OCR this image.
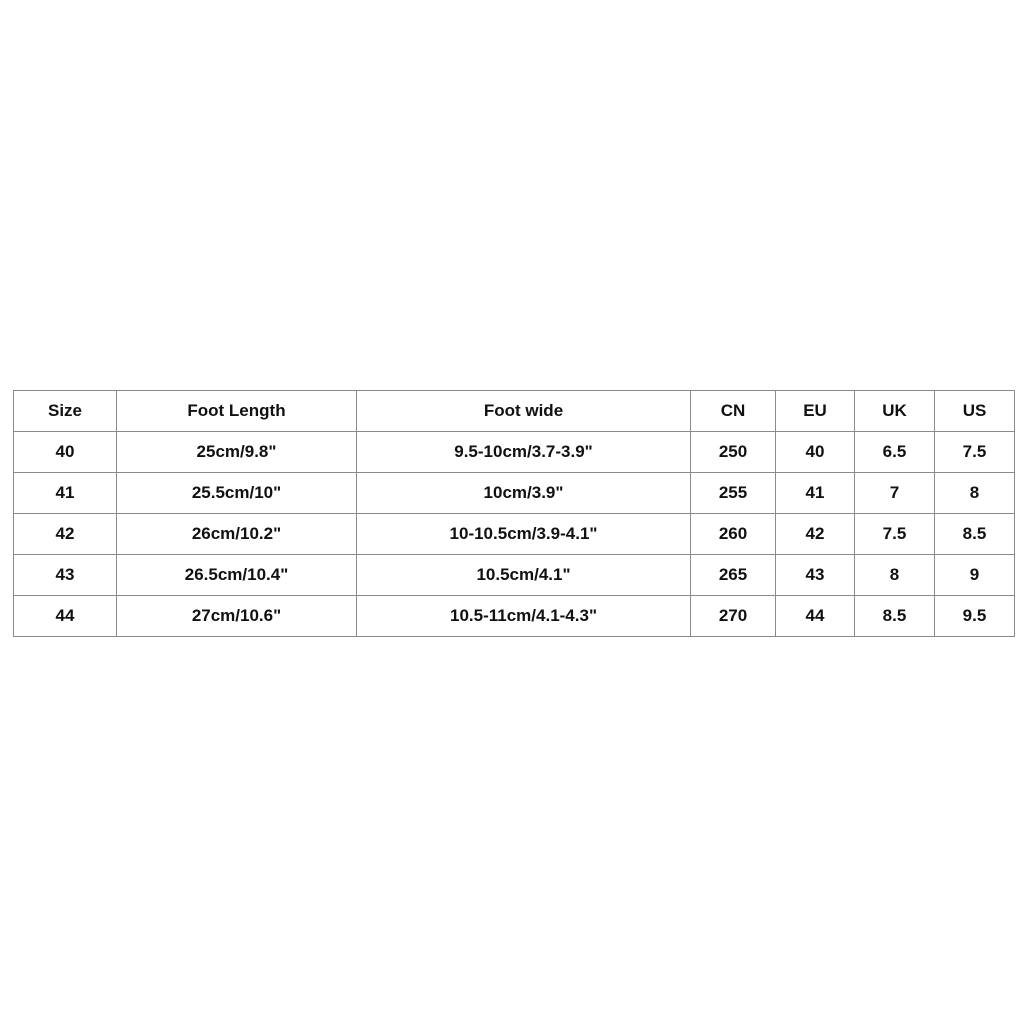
Size	Foot Length	Foot wide	CN	EU	UK	US
40	25cm/9.8"	9.5-10cm/3.7-3.9"	250	40	6.5	7.5
41	25.5cm/10"	10cm/3.9"	255	41	7	8
42	26cm/10.2"	10-10.5cm/3.9-4.1"	260	42	7.5	8.5
43	26.5cm/10.4"	10.5cm/4.1"	265	43	8	9
44	27cm/10.6"	10.5-11cm/4.1-4.3"	270	44	8.5	9.5
